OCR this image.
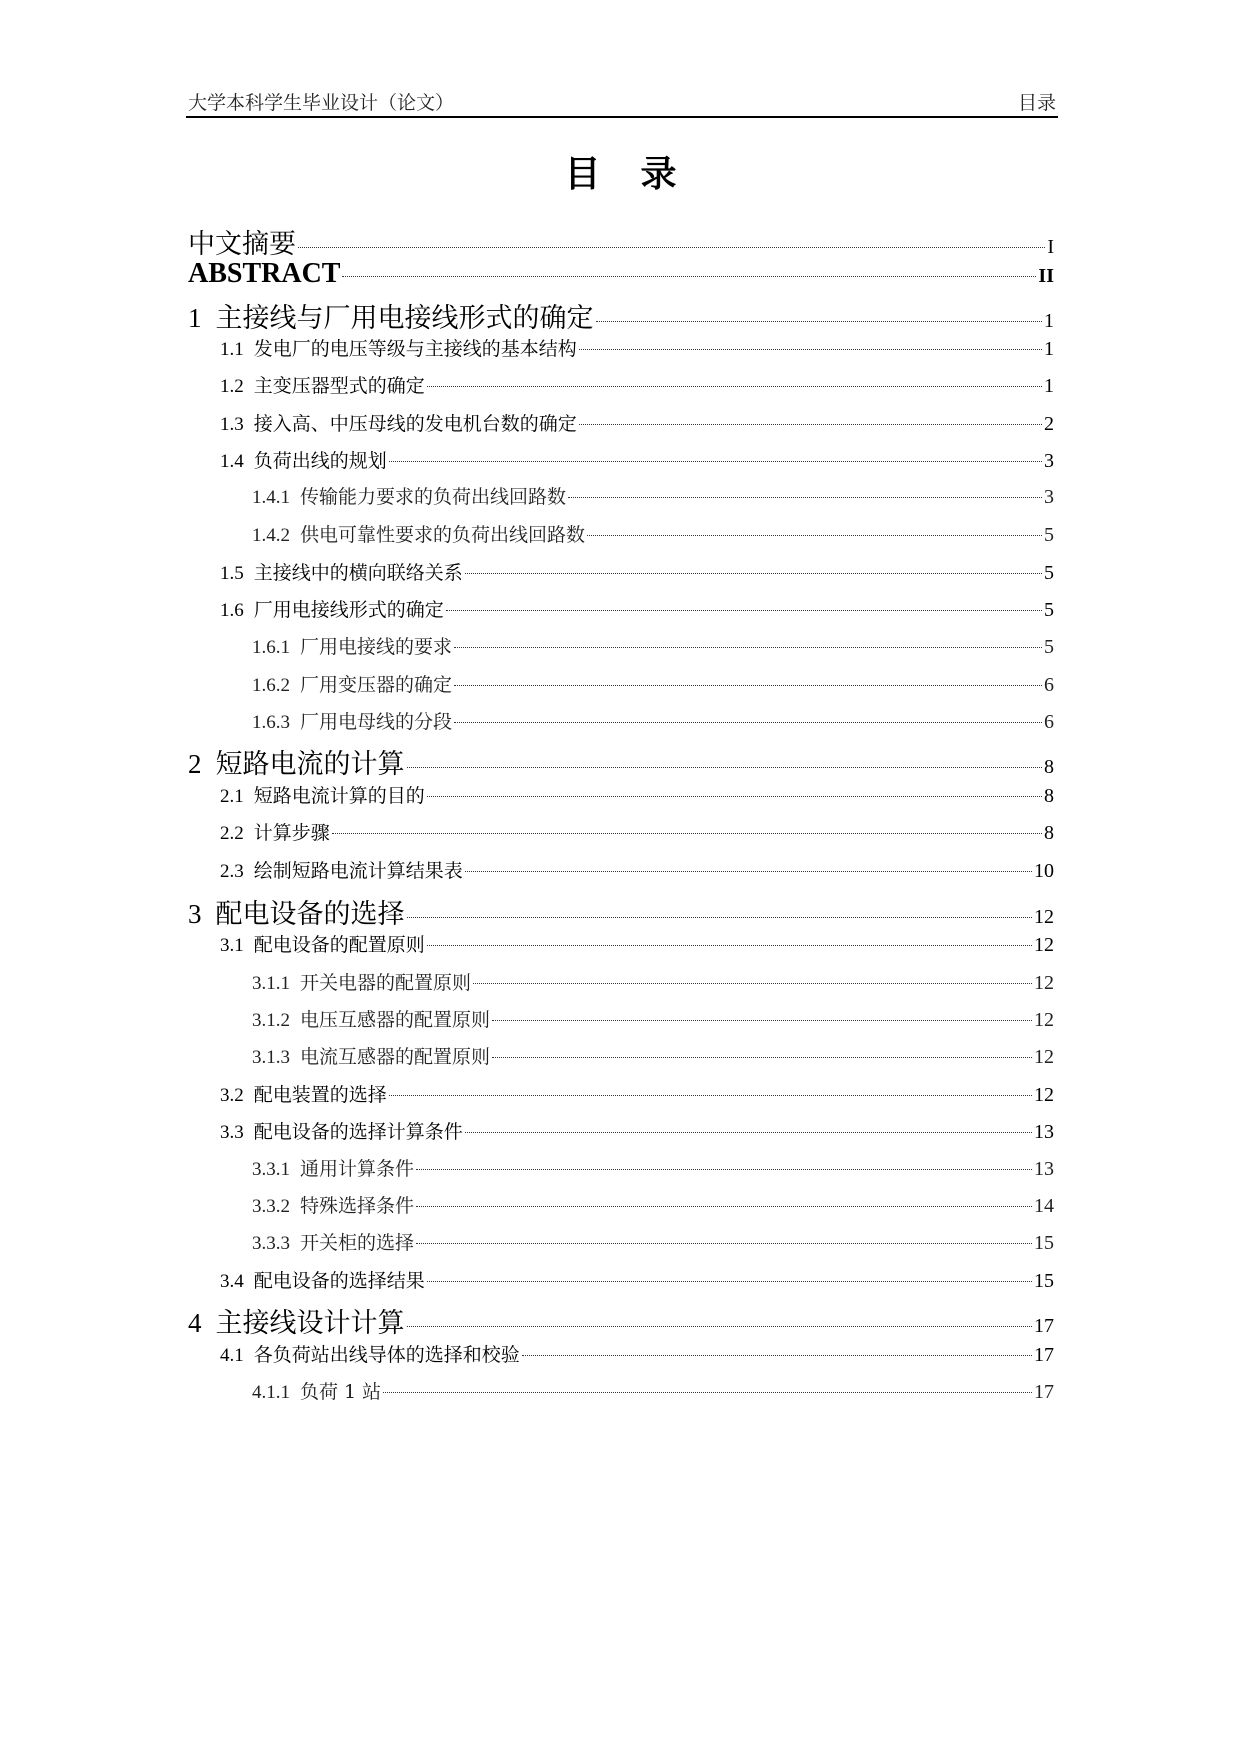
大学本科学生毕业设计（论文）	目录
目录
中文摘要	I
ABSTRACT	II
1 主接线与厂用电接线形式的确定	1
1.1 发电厂的电压等级与主接线的基本结构	1
1.2 主变压器型式的确定	1
1.3 接入高、中压母线的发电机台数的确定	2
1.4 负荷出线的规划	3
1.4.1 传输能力要求的负荷出线回路数	3
1.4.2 供电可靠性要求的负荷出线回路数	5
1.5 主接线中的横向联络关系	5
1.6 厂用电接线形式的确定	5
1.6.1 厂用电接线的要求	5
1.6.2 厂用变压器的确定	6
1.6.3 厂用电母线的分段	6
2 短路电流的计算	8
2.1 短路电流计算的目的	8
2.2 计算步骤	8
2.3 绘制短路电流计算结果表	10
3 配电设备的选择	12
3.1 配电设备的配置原则	12
3.1.1 开关电器的配置原则	12
3.1.2 电压互感器的配置原则	12
3.1.3 电流互感器的配置原则	12
3.2 配电装置的选择	12
3.3 配电设备的选择计算条件	13
3.3.1 通用计算条件	13
3.3.2 特殊选择条件	14
3.3.3 开关柜的选择	15
3.4 配电设备的选择结果	15
4 主接线设计计算	17
4.1 各负荷站出线导体的选择和校验	17
4.1.1 负荷 1 站	17
